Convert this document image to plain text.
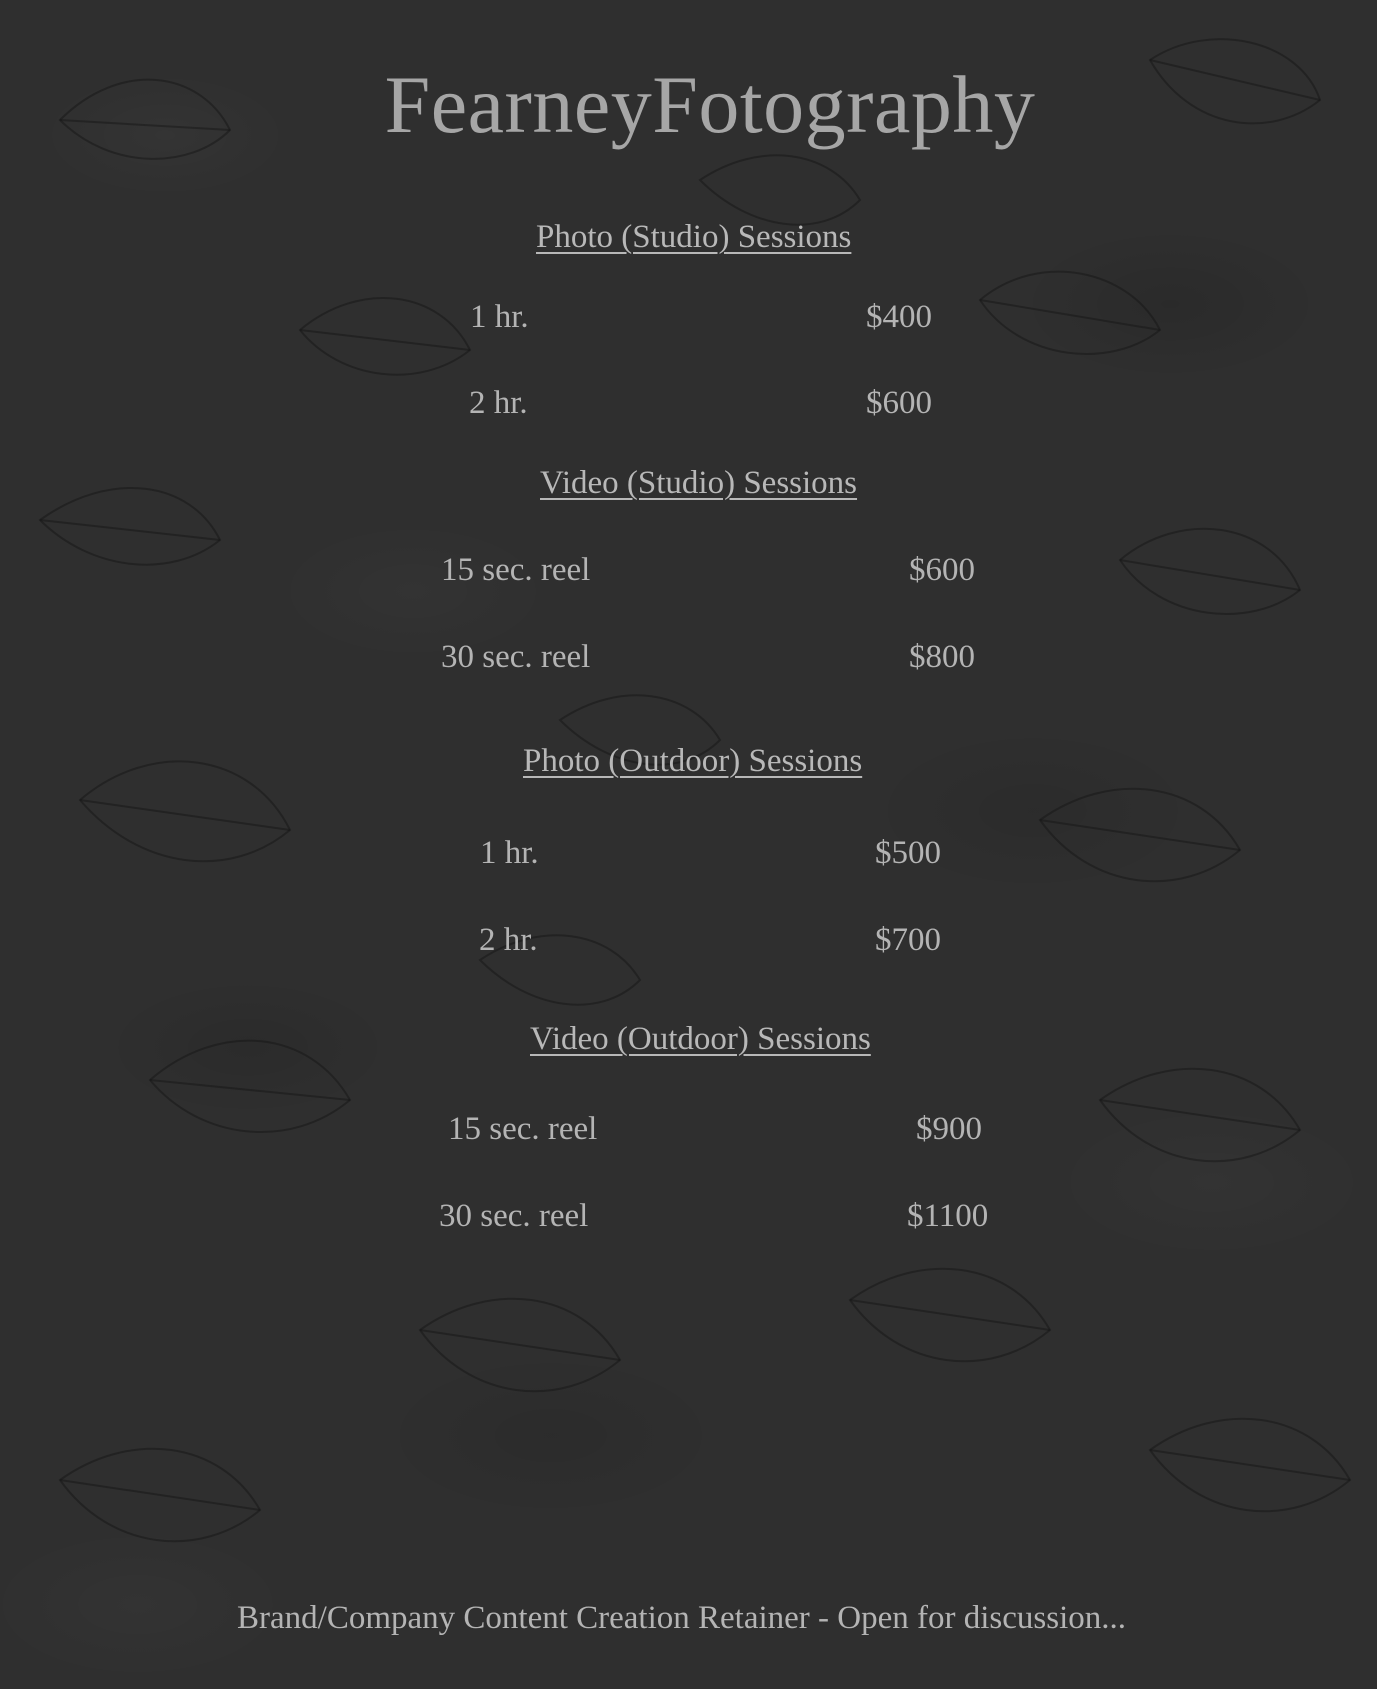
FearneyFotography
Photo (Studio) Sessions
1 hr.	$400
2 hr.	$600
Video (Studio) Sessions
15 sec. reel	$600
30 sec. reel	$800
Photo (Outdoor) Sessions
1 hr.	$500
2 hr.	$700
Video (Outdoor) Sessions
15 sec. reel	$900
30 sec. reel	$1100
Brand/Company Content Creation Retainer - Open for discussion...
